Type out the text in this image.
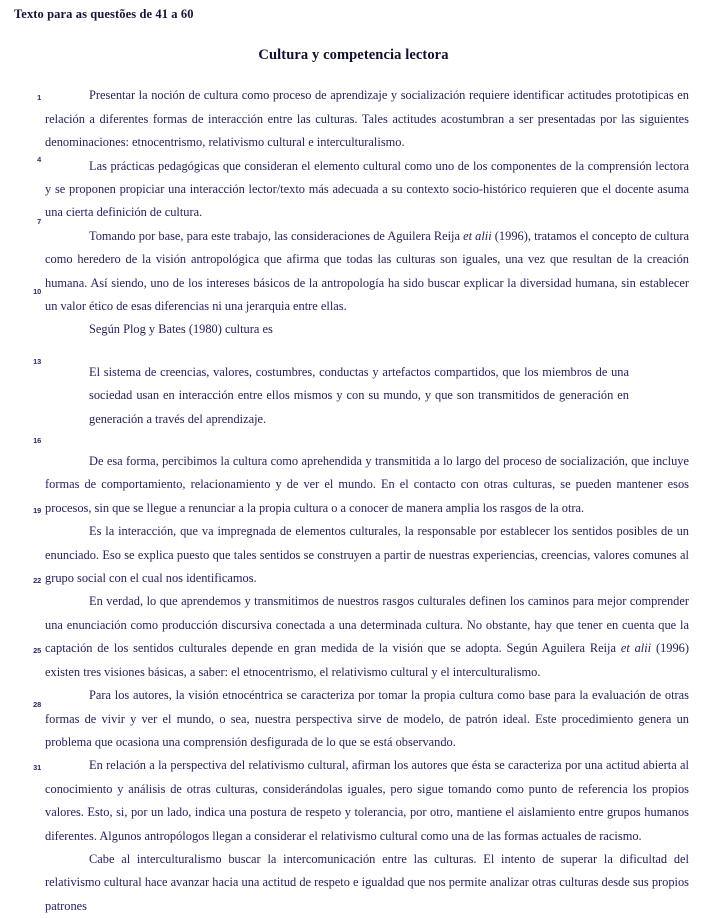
Texto para as questões de 41 a 60
Cultura y competencia lectora
1
4
7
10
13
16
19
22
25
28
31

Presentar la noción de cultura como proceso de aprendizaje y socialización requiere identificar actitudes prototipicas en relación a diferentes formas de interacción entre las culturas. Tales actitudes acostumbran a ser presentadas por las siguientes denominaciones: etnocentrismo, relativismo cultural e interculturalismo.

Las prácticas pedagógicas que consideran el elemento cultural como uno de los componentes de la comprensión lectora y se proponen propiciar una interacción lector/texto más adecuada a su contexto socio-histórico requieren que el docente asuma una cierta definición de cultura.

Tomando por base, para este trabajo, las consideraciones de Aguilera Reija et alii (1996), tratamos el concepto de cultura como heredero de la visión antropológica que afirma que todas las culturas son iguales, una vez que resultan de la creación humana. Así siendo, uno de los intereses básicos de la antropología ha sido buscar explicar la diversidad humana, sin establecer un valor ético de esas diferencias ni una jerarquia entre ellas.

Según Plog y Bates (1980) cultura es

El sistema de creencias, valores, costumbres, conductas y artefactos compartidos, que los miembros de una sociedad usan en interacción entre ellos mismos y con su mundo, y que son transmitidos de generación en generación a través del aprendizaje.

De esa forma, percibimos la cultura como aprehendida y transmitida a lo largo del proceso de socialización, que incluye formas de comportamiento, relacionamiento y de ver el mundo. En el contacto con otras culturas, se pueden mantener esos procesos, sin que se llegue a renunciar a la propia cultura o a conocer de manera amplia los rasgos de la otra.

Es la interacción, que va impregnada de elementos culturales, la responsable por establecer los sentidos posibles de un enunciado. Eso se explica puesto que tales sentidos se construyen a partir de nuestras experiencias, creencias, valores comunes al grupo social con el cual nos identificamos.

En verdad, lo que aprendemos y transmitimos de nuestros rasgos culturales definen los caminos para mejor comprender una enunciación como producción discursiva conectada a una determinada cultura. No obstante, hay que tener en cuenta que la captación de los sentidos culturales depende en gran medida de la visión que se adopta. Según Aguilera Reija et alii (1996) existen tres visiones básicas, a saber: el etnocentrismo, el relativismo cultural y el interculturalismo.

Para los autores, la visión etnocéntrica se caracteriza por tomar la propia cultura como base para la evaluación de otras formas de vivir y ver el mundo, o sea, nuestra perspectiva sirve de modelo, de patrón ideal. Este procedimiento genera un problema que ocasiona una comprensión desfigurada de lo que se está observando.

En relación a la perspectiva del relativismo cultural, afirman los autores que ésta se caracteriza por una actitud abierta al conocimiento y análisis de otras culturas, considerándolas iguales, pero sigue tomando como punto de referencia los propios valores. Esto, si, por un lado, indica una postura de respeto y tolerancia, por otro, mantiene el aislamiento entre grupos humanos diferentes. Algunos antropólogos llegan a considerar el relativismo cultural como una de las formas actuales de racismo.

Cabe al interculturalismo buscar la intercomunicación entre las culturas. El intento de superar la dificultad del relativismo cultural hace avanzar hacia una actitud de respeto e igualdad que nos permite analizar otras culturas desde sus propios patrones
